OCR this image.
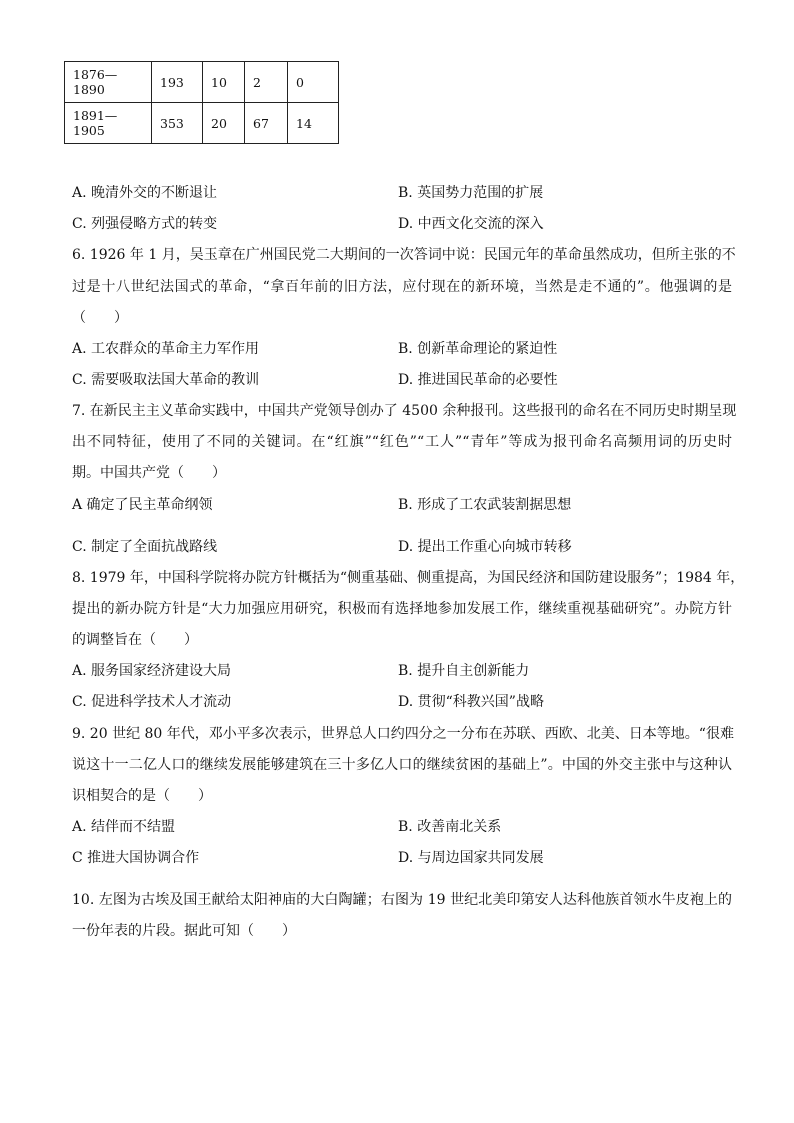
1876—1890	193	10	2	0
1891—1905	353	20	67	14
A. 晚清外交的不断退让	B. 英国势力范围的扩展
C. 列强侵略方式的转变	D. 中西文化交流的深入
6. 1926 年 1 月，吴玉章在广州国民党二大期间的一次答词中说：民国元年的革命虽然成功，但所主张的不
过是十八世纪法国式的革命，“拿百年前的旧方法，应付现在的新环境，当然是走不通的”。他强调的是
（　　）
A. 工农群众的革命主力军作用	B. 创新革命理论的紧迫性
C. 需要吸取法国大革命的教训	D. 推进国民革命的必要性
7. 在新民主主义革命实践中，中国共产党领导创办了 4500 余种报刊。这些报刊的命名在不同历史时期呈现
出不同特征，使用了不同的关键词。在“红旗”“红色”“工人”“青年”等成为报刊命名高频用词的历史时
期。中国共产党（　　）
A 确定了民主革命纲领	B. 形成了工农武装割据思想
C. 制定了全面抗战路线	D. 提出工作重心向城市转移
8. 1979 年，中国科学院将办院方针概括为“侧重基础、侧重提高，为国民经济和国防建设服务”；1984 年，
提出的新办院方针是“大力加强应用研究，积极而有选择地参加发展工作，继续重视基础研究”。办院方针
的调整旨在（　　）
A. 服务国家经济建设大局	B. 提升自主创新能力
C. 促进科学技术人才流动	D. 贯彻“科教兴国”战略
9. 20 世纪 80 年代，邓小平多次表示，世界总人口约四分之一分布在苏联、西欧、北美、日本等地。“很难
说这十一二亿人口的继续发展能够建筑在三十多亿人口的继续贫困的基础上”。中国的外交主张中与这种认
识相契合的是（　　）
A. 结伴而不结盟	B. 改善南北关系
C 推进大国协调合作	D. 与周边国家共同发展
10. 左图为古埃及国王献给太阳神庙的大白陶罐；右图为 19 世纪北美印第安人达科他族首领水牛皮袍上的
一份年表的片段。据此可知（　　）
